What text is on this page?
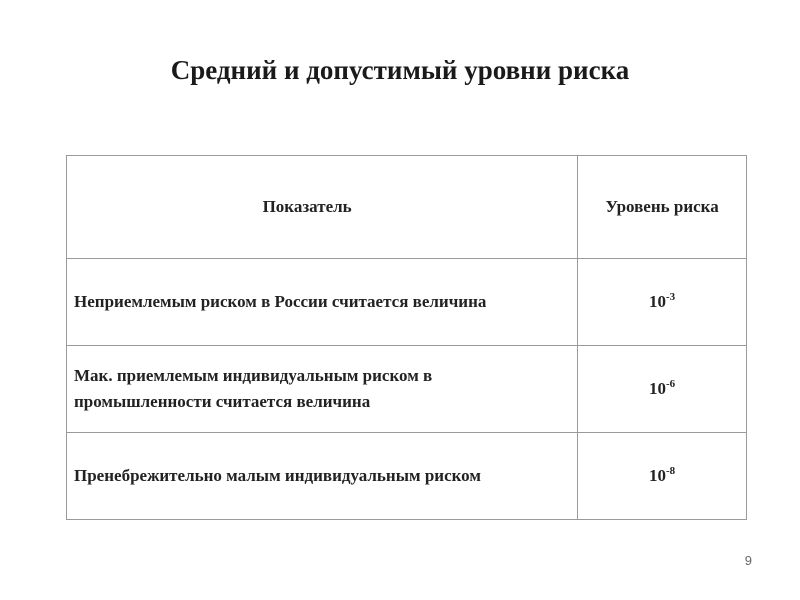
Средний и допустимый уровни риска
Показатель	Уровень риска
Неприемлемым риском в России считается величина	$10^{-3}$
Мак. приемлемым индивидуальным риском в промышленности считается величина	$10^{-6}$
Пренебрежительно малым индивидуальным риском	$10^{-8}$
9
